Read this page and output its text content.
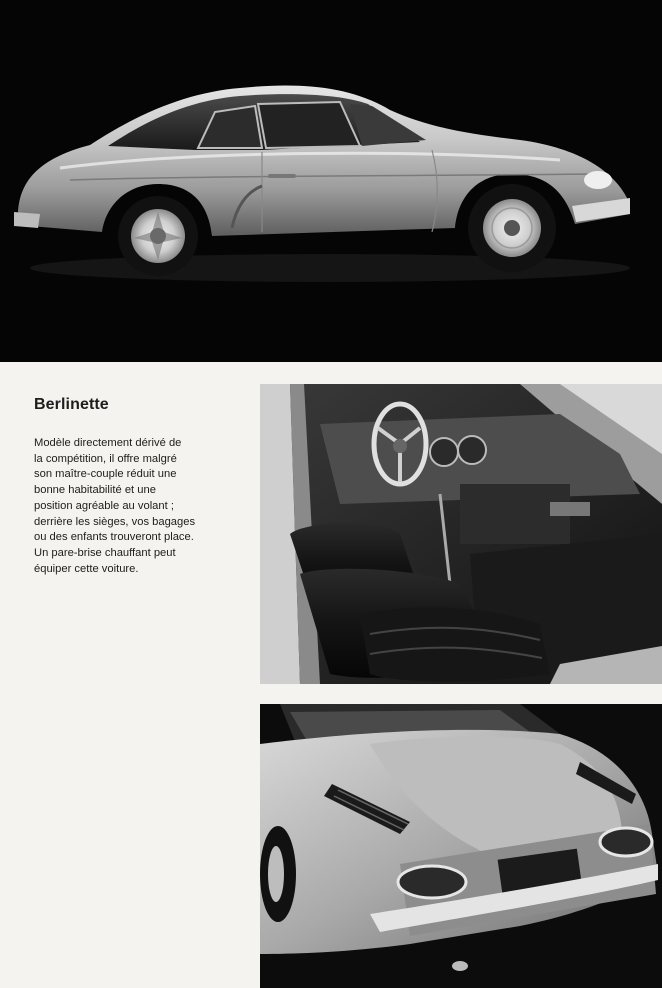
Berlinette

Modèle directement dérivé de
la compétition, il offre malgré
son maître-couple réduit une
bonne habitabilité et une
position agréable au volant ;
derrière les sièges, vos bagages
ou des enfants trouveront place.
Un pare-brise chauffant peut
équiper cette voiture.
